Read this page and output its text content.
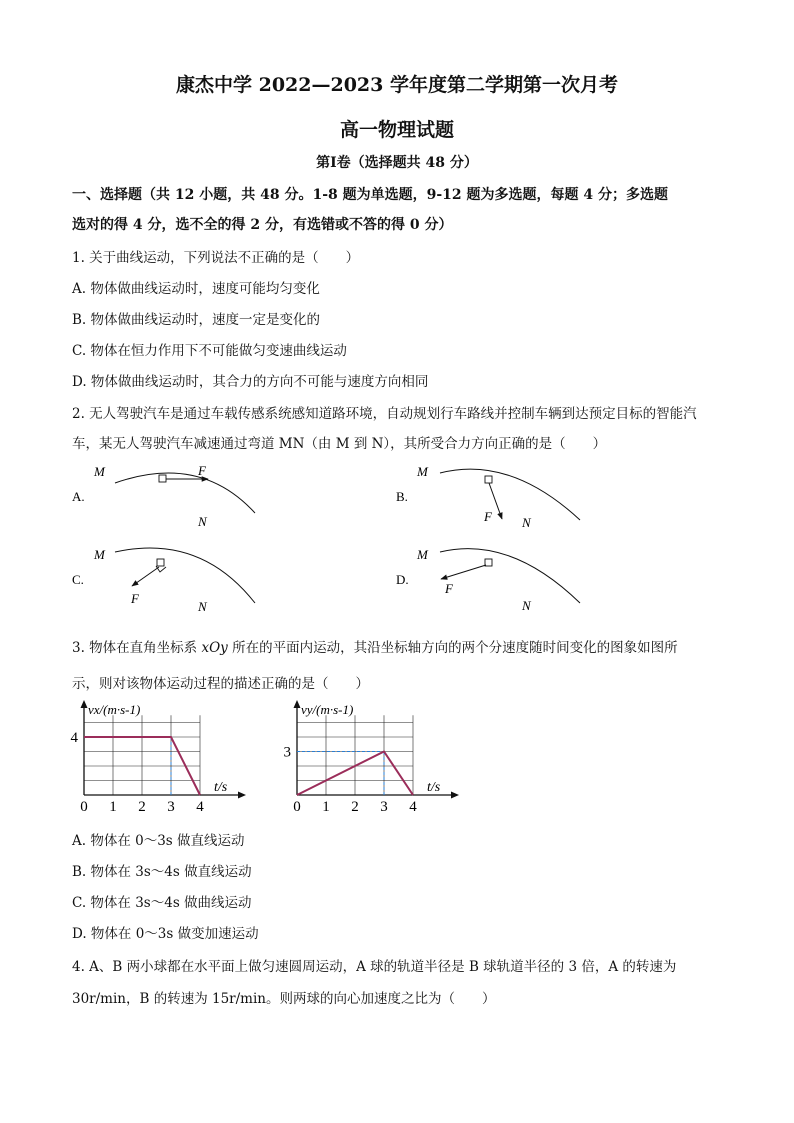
康杰中学 2022—2023 学年度第二学期第一次月考
高一物理试题
第Ⅰ卷（选择题共 48 分）
一、选择题（共 12 小题，共 48 分。1-8 题为单选题，9-12 题为多选题，每题 4 分；多选题
选对的得 4 分，选不全的得 2 分，有选错或不答的得 0 分）
1. 关于曲线运动，下列说法不正确的是（　　）
A. 物体做曲线运动时，速度可能均匀变化
B. 物体做曲线运动时，速度一定是变化的
C. 物体在恒力作用下不可能做匀变速曲线运动
D. 物体做曲线运动时，其合力的方向不可能与速度方向相同
2. 无人驾驶汽车是通过车载传感系统感知道路环境，自动规划行车路线并控制车辆到达预定目标的智能汽
车，某无人驾驶汽车减速通过弯道 MN（由 M 到 N），其所受合力方向正确的是（　　）
A.
M	F
N
B.
M
F N
C.
M
F
N
D.
M
F
N
3. 物体在直角坐标系 xOy 所在的平面内运动，其沿坐标轴方向的两个分速度随时间变化的图象如图所
示，则对该物体运动过程的描述正确的是（　　）
0 1 2 3 4
4
vx/(m·s-1)
t/s
0 1 2 3 4
3
vy/(m·s-1)
t/s
A. 物体在 0～3s 做直线运动
B. 物体在 3s～4s 做直线运动
C. 物体在 3s～4s 做曲线运动
D. 物体在 0～3s 做变加速运动
4. A、B 两小球都在水平面上做匀速圆周运动，A 球的轨道半径是 B 球轨道半径的 3 倍，A 的转速为
30r/min，B 的转速为 15r/min。则两球的向心加速度之比为（　　）
